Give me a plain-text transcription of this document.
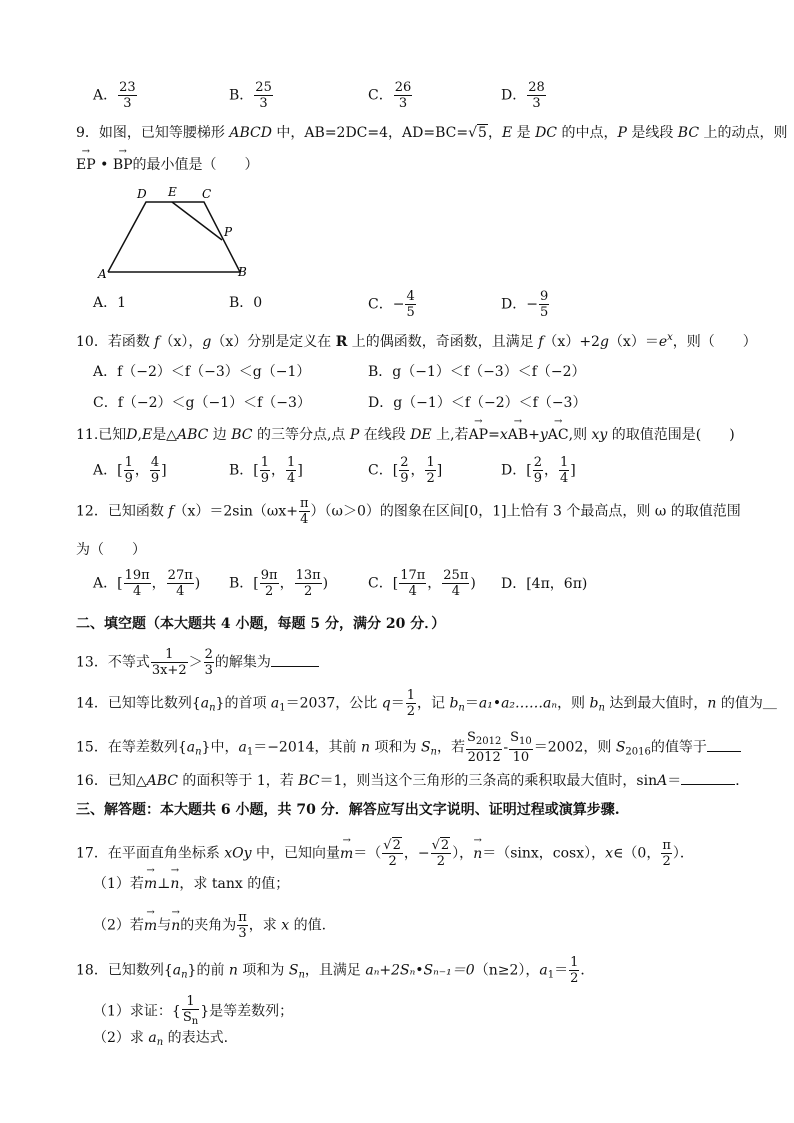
A． $\frac{23}{3}$	B． $\frac{25}{3}$	C． $\frac{26}{3}$	D． $\frac{28}{3}$
9．如图，已知等腰梯形 ABCD 中，AB=2DC=4，AD=BC=√5，E 是 DC 的中点，P 是线段 BC 上的动点，则
→ EP • → BP的最小值是（　　）
D E C
P
A	B
A．1	B．0	C．− $\frac{4}{5}$	D．− $\frac{9}{5}$
10．若函数 f（x），g（x）分别是定义在 R 上的偶函数，奇函数，且满足 $f(x)+2g(x)=e^x$，则（　　）
A．f（−2）＜f（−3）＜g（−1）	B．g（−1）＜f（−3）＜f（−2）
C．f（−2）＜g（−1）＜f（−3）	D．g（−1）＜f（−2）＜f（−3）
11.已知D,E是△ABC 边 BC 的三等分点,点 P 在线段 DE 上,若→ AP=x→ AB+y→ AC,则 xy 的取值范围是(　　)
A．[ $\frac{1}{9}$ ， $\frac{4}{9}$ ]	B．[ $\frac{1}{9}$ ， $\frac{1}{4}$ ]	C．[ $\frac{2}{9}$ ， $\frac{1}{2}$ ]	D．[ $\frac{2}{9}$ ， $\frac{1}{4}$ ]
12．已知函数 $f(x)=2\sin(\omega x+ \frac{\pi}{4} )(\omega>0)$的图象在区间[0，1]上恰有 3 个最高点，则 ω 的取值范围
为（　　）
A．[ $\frac{19\pi}{4}$ ， $\frac{27\pi}{4}$ ) B．[ $\frac{9\pi}{2}$ ， $\frac{13\pi}{2}$ )	C．[ $\frac{17\pi}{4}$ ， $\frac{25\pi}{4}$ ) D．[4π，6π)
二、填空题（本大题共 4 小题，每题 5 分，满分 20 分．）
13．不等式 $\frac{1}{3x+2} > \frac{2}{3}$ 的解集为
14．已知等比数列$\{a_n\}$的首项 $a_1=2037$，公比 $q= \frac{1}{2}$ ，记 $b_n=a_1•a_2\dots\dots a_n$，则 $b_n$ 达到最大值时，n 的值为＿
15．在等差数列$\{a_n\}$中，$a_1=-2014$，其前 n 项和为 $S_n$，若 $\frac{S_{2012}}{2012} - \frac{S_{10}}{10} =2002$，则 $S_{2016}$的值等于
16．已知△ABC 的面积等于 1，若 BC＝1，则当这个三角形的三条高的乘积取最大值时，sinA＝	．
三、解答题：本大题共 6 小题，共 70 分．解答应写出文字说明、证明过程或演算步骤.
17．在平面直角坐标系 xOy 中，已知向量→ $m=( \frac{√2}{2}$ ，− $\frac{√2}{2}$ ），→ n＝（sinx，cosx），x∈（0， $\frac{\pi}{2}$ ）．
（1）若→ m⊥→ n，求 tanx 的值；
（2）若→ m与→ n的夹角为 $\frac{\pi}{3}$ ，求 x 的值.
18．已知数列$\{a_n\}$的前 n 项和为 $S_n$，且满足 aₙ+2Sₙ•Sₙ₋₁＝0（n≥2），$a_1= \frac{1}{2}$ ．
（1）求证：{ $\frac{1}{S_n}$ }是等差数列；
（2）求 $a_n$ 的表达式.
